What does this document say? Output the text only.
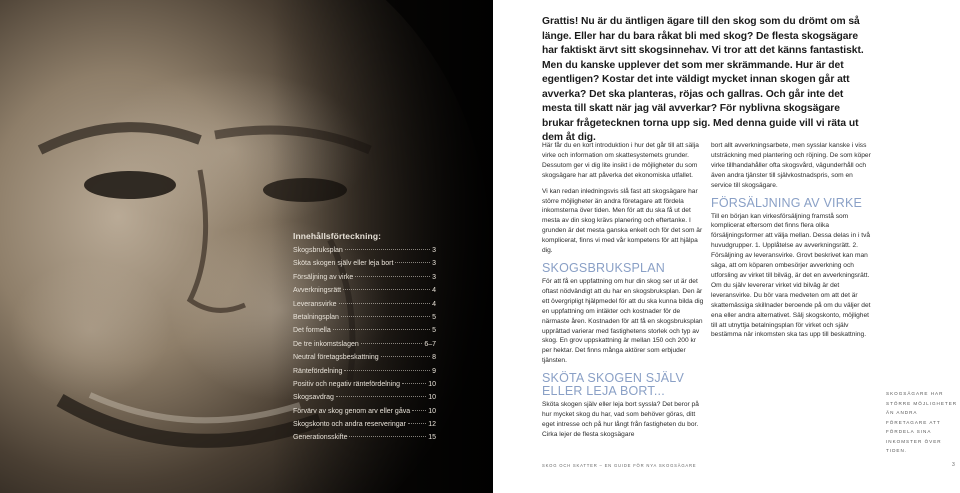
Innehållsförteckning:
Skogsbruksplan	3
Sköta skogen själv eller leja bort	3
Försäljning av virke	3
Avverkningsrätt	4
Leveransvirke	4
Betalningsplan	5
Det formella	5
De tre inkomstslagen	6–7
Neutral företagsbeskattning	8
Räntefördelning	9
Positiv och negativ räntefördelning	10
Skogsavdrag	10
Förvärv av skog genom arv eller gåva	10
Skogskonto och andra reserveringar	12
Generationsskifte	15
Grattis! Nu är du äntligen ägare till den skog som du drömt om så länge. Eller har du bara råkat bli med skog? De flesta skogsägare har faktiskt ärvt sitt skogsinnehav. Vi tror att det känns fantastiskt. Men du kanske upplever det som mer skrämmande. Hur är det egentligen? Kostar det inte väldigt mycket innan skogen går att avverka? Det ska planteras, röjas och gallras. Och går inte det mesta till skatt när jag väl avverkar? För nyblivna skogsägare brukar frågetecknen torna upp sig. Med denna guide vill vi räta ut dem åt dig.

Här får du en kort introduktion i hur det går till att sälja virke och information om skattesystemets grunder. Dessutom ger vi dig lite insikt i de möjligheter du som skogsägare har att påverka det ekonomiska utfallet.

Vi kan redan inledningsvis slå fast att skogsägare har större möjligheter än andra företagare att fördela inkomsterna över tiden. Men för att du ska få ut det mesta av din skog krävs planering och eftertanke. I grunden är det mesta ganska enkelt och för det som är komplicerat, finns vi med vår kompetens för att hjälpa dig.

SKOGSBRUKSPLAN

För att få en uppfattning om hur din skog ser ut är det oftast nödvändigt att du har en skogsbruksplan. Den är ett övergripligt hjälpmedel för att du ska kunna bilda dig en uppfattning om intäkter och kostnader för de närmaste åren. Kostnaden för att få en skogsbruksplan upprättad varierar med fastighetens storlek och typ av skog. En grov uppskattning är mellan 150 och 200 kr per hektar. Det finns många aktörer som erbjuder tjänsten.

SKÖTA SKOGEN SJÄLV ELLER LEJA BORT...

Sköta skogen själv eller leja bort syssla? Det beror på hur mycket skog du har, vad som behöver göras, ditt eget intresse och på hur långt från fastigheten du bor. Cirka lejer de flesta skogsägare

bort allt avverkningsarbete, men sysslar kanske i viss utsträckning med plantering och röjning. De som köper virke tillhandahåller ofta skogsvård, vägunderhåll och även andra tjänster till självkostnadspris, som en service till skogsägare.

FÖRSÄLJNING AV VIRKE

Till en början kan virkesförsäljning framstå som komplicerat eftersom det finns flera olika försäljningsformer att välja mellan. Dessa delas in i två huvudgrupper. 1. Upplåtelse av avverkningsrätt. 2. Försäljning av leveransvirke. Grovt beskrivet kan man säga, att om köparen ombesörjer avverkning och utforsling av virket till bilväg, är det en avverkningsrätt. Om du själv levererar virket vid bilväg är det leveransvirke. Du bör vara medveten om att det är skattemässiga skillnader beroende på om du väljer det ena eller andra alternativet. Sälj skogskonto, möjlighet till att utnyttja betalningsplan för virket och själv bestämma när inkomsten ska tas upp till beskattning.

SKOGSÄGARE HAR STÖRRE MÖJLIGHETER ÄN ANDRA FÖRETAGARE ATT FÖRDELA SINA INKOMSTER ÖVER TIDEN.
SKOG OCH SKATTER – EN GUIDE FÖR NYA SKOGSÄGARE	3
